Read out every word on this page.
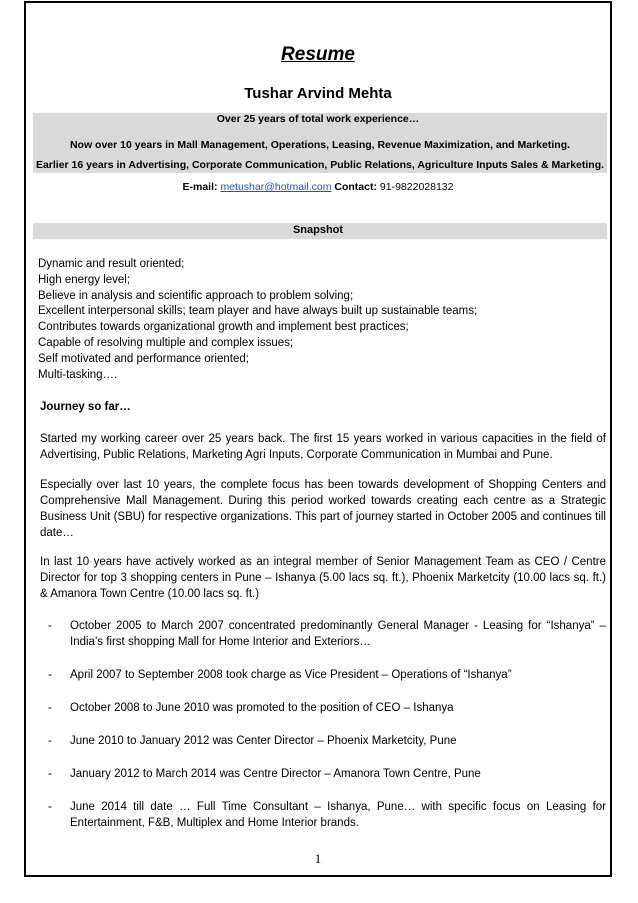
Resume
Tushar Arvind Mehta
Over 25 years of total work experience…
Now over 10 years in Mall Management, Operations, Leasing, Revenue Maximization, and Marketing.
Earlier 16 years in Advertising, Corporate Communication, Public Relations, Agriculture Inputs Sales & Marketing.
E-mail: metushar@hotmail.com Contact: 91-9822028132
Snapshot
Dynamic and result oriented;
High energy level;
Believe in analysis and scientific approach to problem solving;
Excellent interpersonal skills; team player and have always built up sustainable teams;
Contributes towards organizational growth and implement best practices;
Capable of resolving multiple and complex issues;
Self motivated and performance oriented;
Multi-tasking….
Journey so far…
Started my working career over 25 years back. The first 15 years worked in various capacities in the field of Advertising, Public Relations, Marketing Agri Inputs, Corporate Communication in Mumbai and Pune.
Especially over last 10 years, the complete focus has been towards development of Shopping Centers and Comprehensive Mall Management. During this period worked towards creating each centre as a Strategic Business Unit (SBU) for respective organizations. This part of journey started in October 2005 and continues till date…
In last 10 years have actively worked as an integral member of Senior Management Team as CEO / Centre Director for top 3 shopping centers in Pune – Ishanya (5.00 lacs sq. ft.), Phoenix Marketcity (10.00 lacs sq. ft.) & Amanora Town Centre (10.00 lacs sq. ft.)
- October 2005 to March 2007 concentrated predominantly General Manager - Leasing for “Ishanya” – India’s first shopping Mall for Home Interior and Exteriors…
- April 2007 to September 2008 took charge as Vice President – Operations of “Ishanya”
- October 2008 to June 2010 was promoted to the position of CEO – Ishanya
- June 2010 to January 2012 was Center Director – Phoenix Marketcity, Pune
- January 2012 to March 2014 was Centre Director – Amanora Town Centre, Pune
- June 2014 till date … Full Time Consultant – Ishanya, Pune… with specific focus on Leasing for Entertainment, F&B, Multiplex and Home Interior brands.
1
